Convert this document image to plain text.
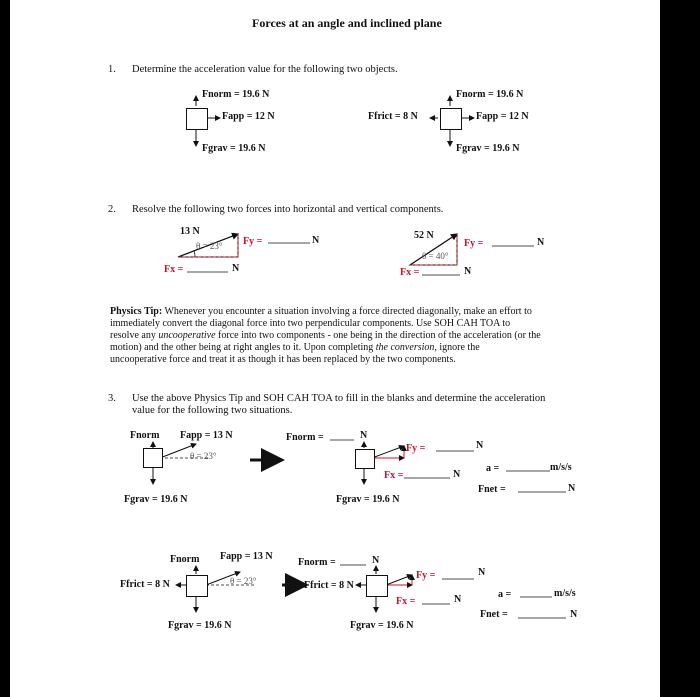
Forces at an angle and inclined plane
1. Determine the acceleration value for the following two objects.
Fnorm = 19.6 N
Fapp = 12 N
Fgrav = 19.6 N
Fnorm = 19.6 N
Fapp = 12 N
Fgrav = 19.6 N
Ffrict = 8 N
2. Resolve the following two forces into horizontal and vertical components.
13 N
θ = 23° Fy =	N
Fx =	N
52 N
θ = 40°
Fy =	N
Fx =	N
Physics Tip: Whenever you encounter a situation involving a force directed diagonally, make an effort to
immediately convert the diagonal force into two perpendicular components. Use SOH CAH TOA to
resolve any uncooperative force into two components - one being in the direction of the acceleration (or the
motion) and the other being at right angles to it. Upon completing the conversion, ignore the
uncooperative force and treat it as though it has been replaced by the two components.
3. Use the above Physics Tip and SOH CAH TOA to fill in the blanks and determine the acceleration
value for the following two situations.
Fnorm Fapp = 13 N
θ = 23°
Fgrav = 19.6 N
Fnorm =	N
Fy =	N
Fx =	N
Fgrav = 19.6 N
a =	m/s/s
Fnet =	N
Fnorm Fapp = 13 N
θ = 23°
Ffrict = 8 N
Fgrav = 19.6 N
Fnorm =	N
Ffrict = 8 N
Fy =	N
Fx =	N
Fgrav = 19.6 N
a =	m/s/s
Fnet =	N
